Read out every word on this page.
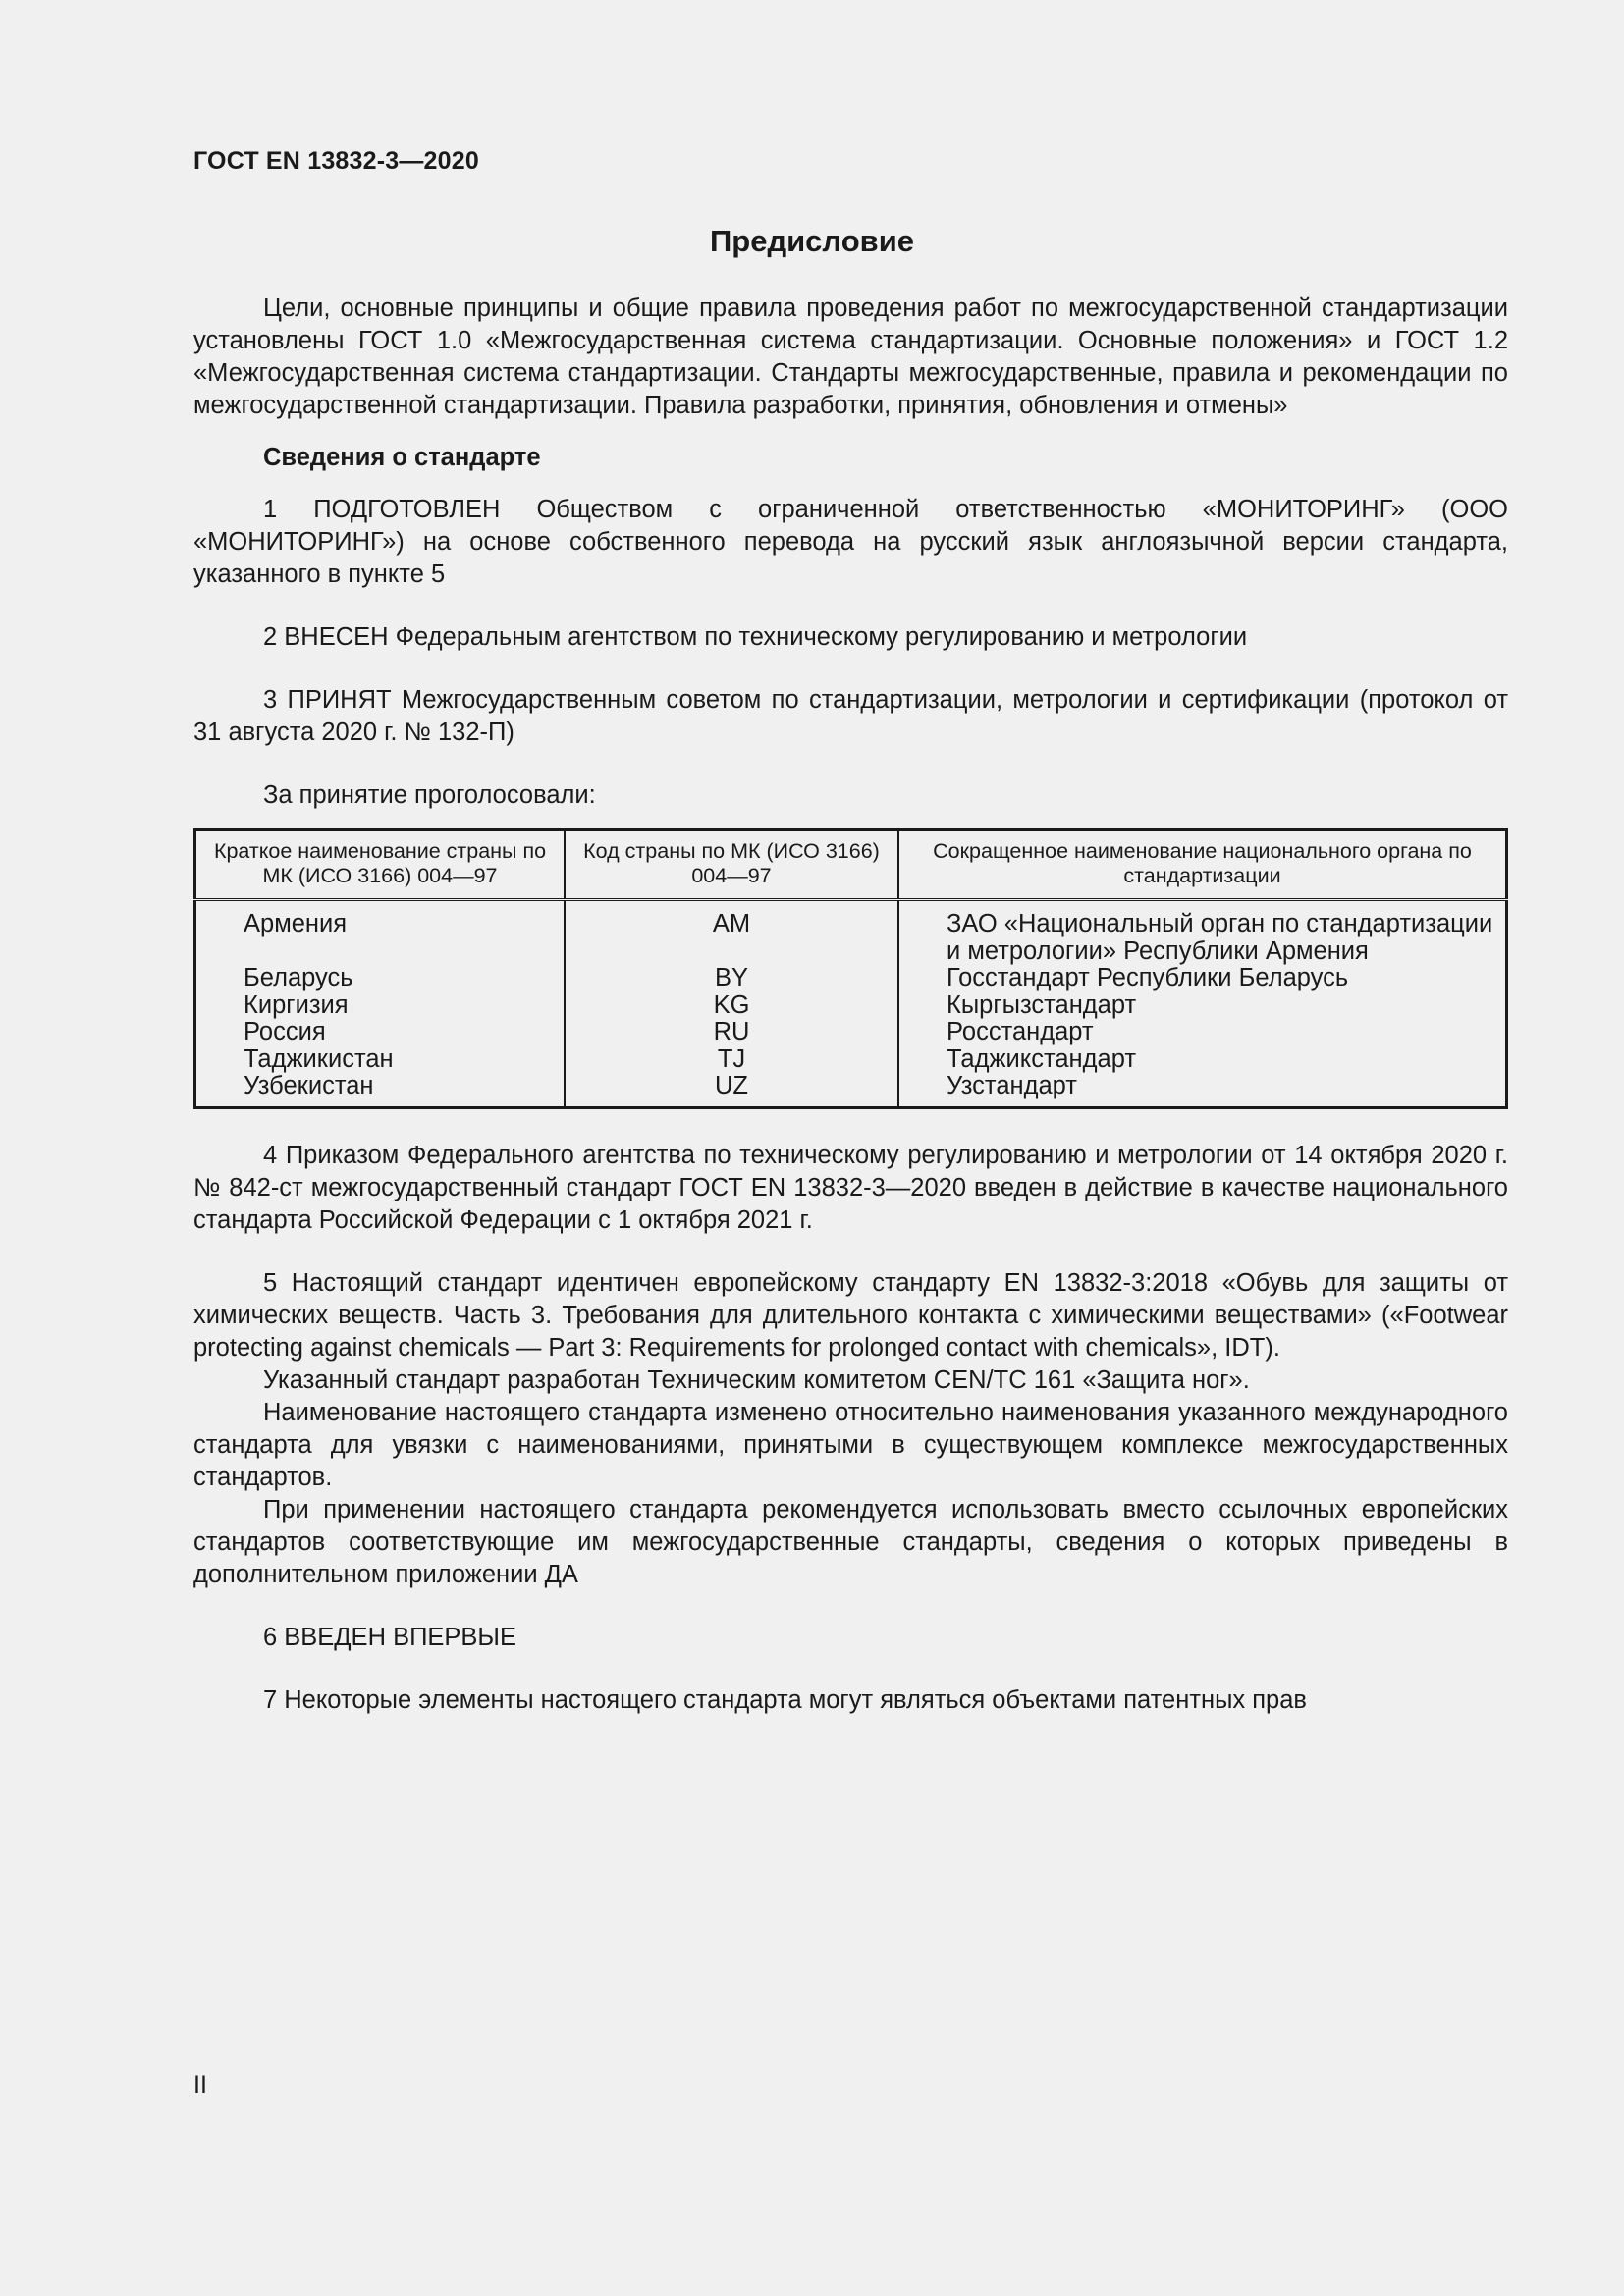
ГОСТ EN 13832-3—2020
Предисловие

Цели, основные принципы и общие правила проведения работ по межгосударственной стандартизации установлены ГОСТ 1.0 «Межгосударственная система стандартизации. Основные положения» и ГОСТ 1.2 «Межгосударственная система стандартизации. Стандарты межгосударственные, правила и рекомендации по межгосударственной стандартизации. Правила разработки, принятия, обновления и отмены»

Сведения о стандарте

1 ПОДГОТОВЛЕН Обществом с ограниченной ответственностью «МОНИТОРИНГ» (ООО «МОНИТОРИНГ») на основе собственного перевода на русский язык англоязычной версии стандарта, указанного в пункте 5

2 ВНЕСЕН Федеральным агентством по техническому регулированию и метрологии

3 ПРИНЯТ Межгосударственным советом по стандартизации, метрологии и сертификации (протокол от 31 августа 2020 г. № 132-П)

За принятие проголосовали:

Краткое наименование страны по МК (ИСО 3166) 004—97	Код страны по МК (ИСО 3166) 004—97	Сокращенное наименование национального органа по стандартизации
Армения	AM	ЗАО «Национальный орган по стандартизации и метрологии» Республики Армения
Беларусь	BY	Госстандарт Республики Беларусь
Киргизия	KG	Кыргызстандарт
Россия	RU	Росстандарт
Таджикистан	TJ	Таджикстандарт
Узбекистан	UZ	Узстандарт

4 Приказом Федерального агентства по техническому регулированию и метрологии от 14 октября 2020 г. № 842-ст межгосударственный стандарт ГОСТ EN 13832-3—2020 введен в действие в качестве национального стандарта Российской Федерации с 1 октября 2021 г.

5 Настоящий стандарт идентичен европейскому стандарту EN 13832-3:2018 «Обувь для защиты от химических веществ. Часть 3. Требования для длительного контакта с химическими веществами» («Footwear protecting against chemicals — Part 3: Requirements for prolonged contact with chemicals», IDT).

Указанный стандарт разработан Техническим комитетом CEN/TC 161 «Защита ног».

Наименование настоящего стандарта изменено относительно наименования указанного международного стандарта для увязки с наименованиями, принятыми в существующем комплексе межгосударственных стандартов.

При применении настоящего стандарта рекомендуется использовать вместо ссылочных европейских стандартов соответствующие им межгосударственные стандарты, сведения о которых приведены в дополнительном приложении ДА

6 ВВЕДЕН ВПЕРВЫЕ

7 Некоторые элементы настоящего стандарта могут являться объектами патентных прав

II
